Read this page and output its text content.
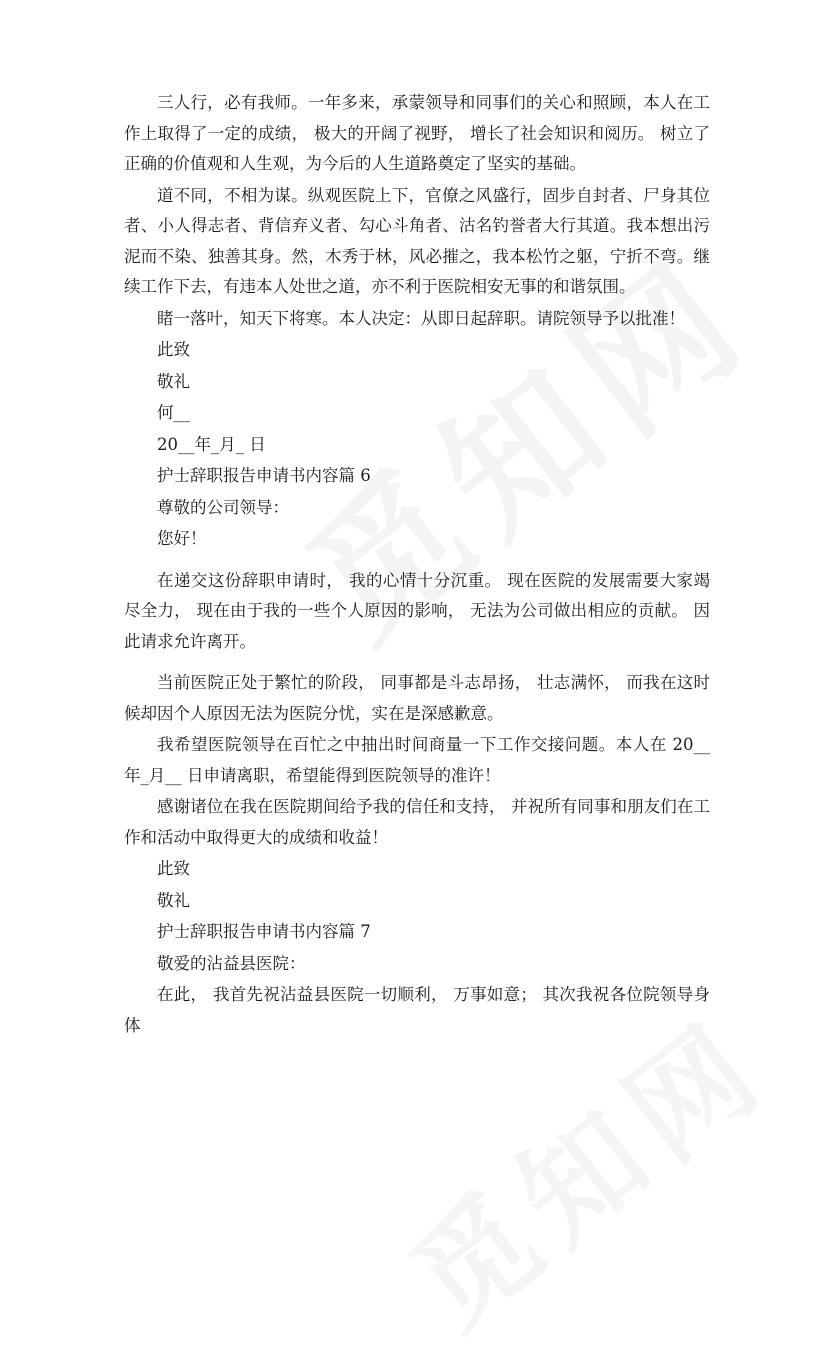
三人行，必有我师。一年多来，承蒙领导和同事们的关心和照顾，本人在工作上取得了一定的成绩， 极大的开阔了视野， 增长了社会知识和阅历。 树立了正确的价值观和人生观，为今后的人生道路奠定了坚实的基础。

道不同，不相为谋。纵观医院上下，官僚之风盛行，固步自封者、尸身其位者、小人得志者、背信弃义者、勾心斗角者、沽名钓誉者大行其道。我本想出污泥而不染、独善其身。然，木秀于林，风必摧之，我本松竹之躯，宁折不弯。继续工作下去，有违本人处世之道，亦不利于医院相安无事的和谐氛围。

睹一落叶，知天下将寒。本人决定：从即日起辞职。请院领导予以批准！

此致

敬礼

何__

20__年_月_ 日

护士辞职报告申请书内容篇 6

尊敬的公司领导：

您好！

在递交这份辞职申请时， 我的心情十分沉重。 现在医院的发展需要大家竭尽全力， 现在由于我的一些个人原因的影响， 无法为公司做出相应的贡献。 因此请求允许离开。

当前医院正处于繁忙的阶段， 同事都是斗志昂扬， 壮志满怀， 而我在这时候却因个人原因无法为医院分忧，实在是深感歉意。

我希望医院领导在百忙之中抽出时间商量一下工作交接问题。本人在 20__年_月__ 日申请离职，希望能得到医院领导的准许！

感谢诸位在我在医院期间给予我的信任和支持， 并祝所有同事和朋友们在工作和活动中取得更大的成绩和收益！

此致

敬礼

护士辞职报告申请书内容篇 7

敬爱的沾益县医院：

在此， 我首先祝沾益县医院一切顺利， 万事如意； 其次我祝各位院领导身体
